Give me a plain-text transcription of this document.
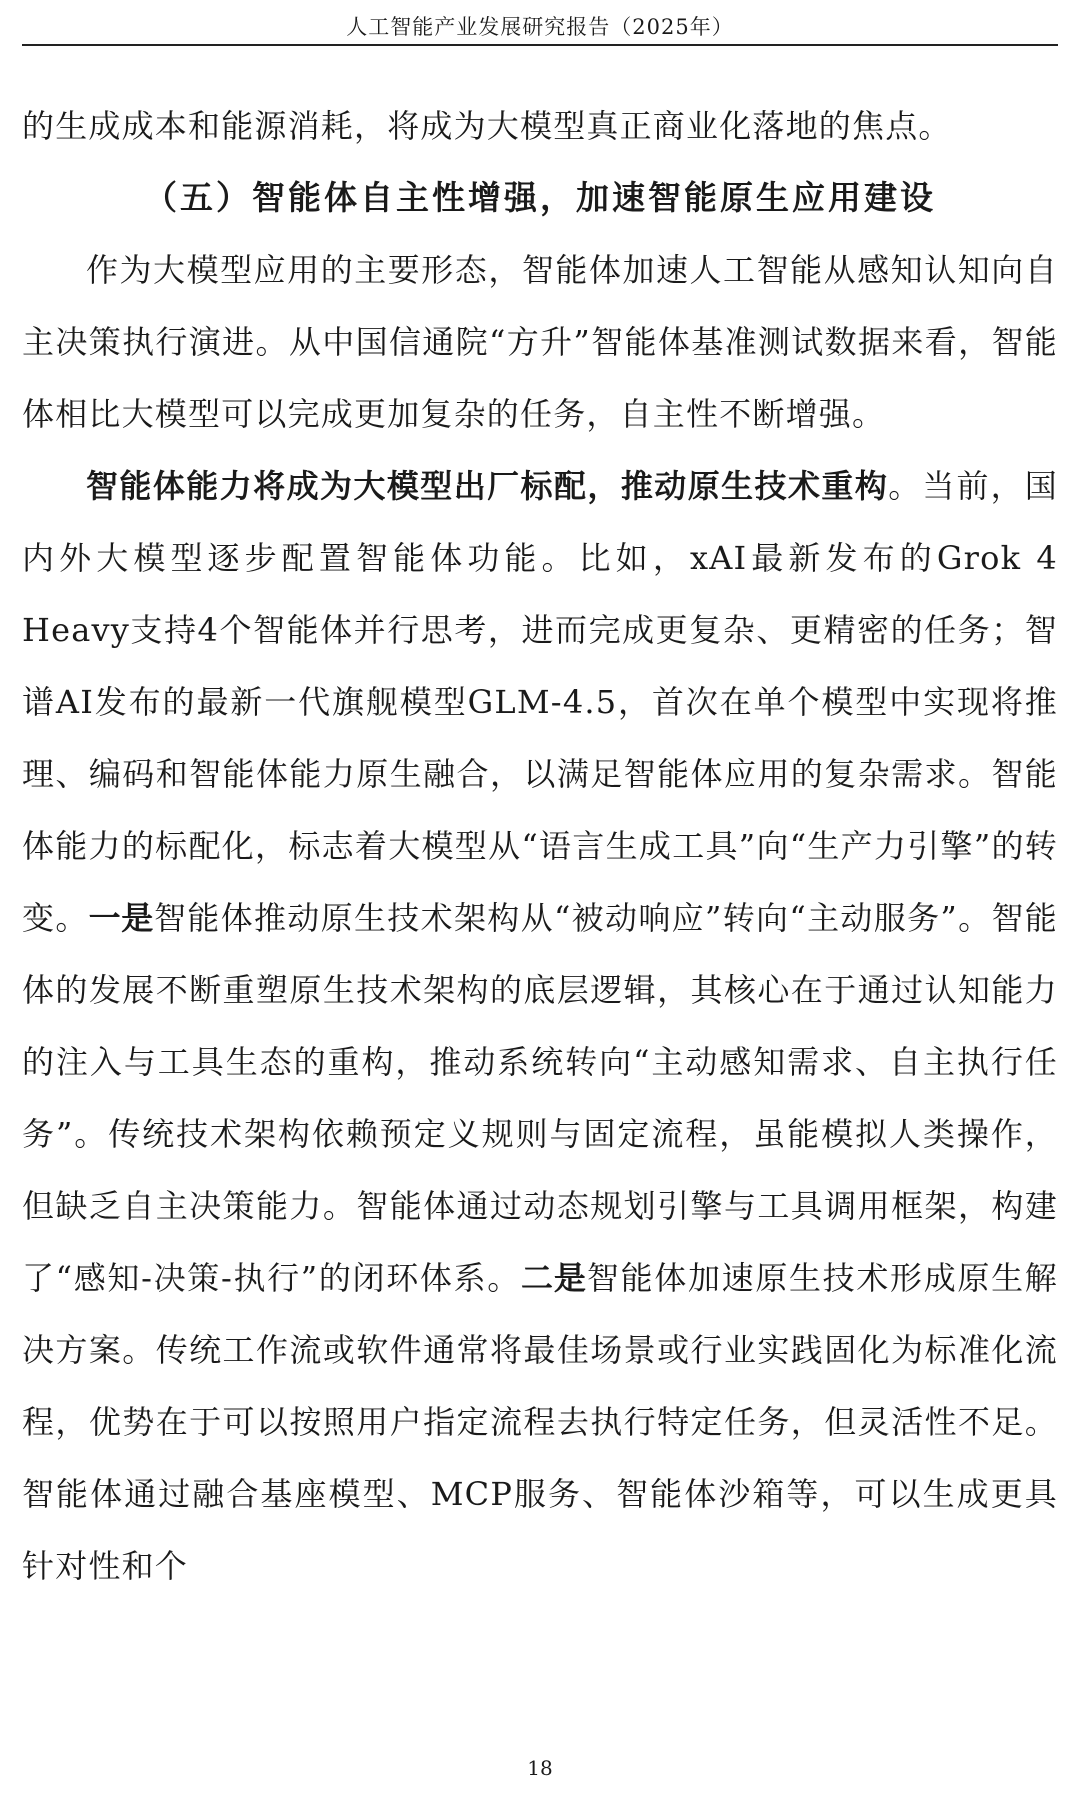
人工智能产业发展研究报告（2025年）

的生成成本和能源消耗，将成为大模型真正商业化落地的焦点。

（五）智能体自主性增强，加速智能原生应用建设

作为大模型应用的主要形态，智能体加速人工智能从感知认知向自主决策执行演进。从中国信通院“方升”智能体基准测试数据来看，智能体相比大模型可以完成更加复杂的任务，自主性不断增强。

智能体能力将成为大模型出厂标配，推动原生技术重构。当前，国内外大模型逐步配置智能体功能。比如，xAI最新发布的Grok 4 Heavy支持4个智能体并行思考，进而完成更复杂、更精密的任务；智谱AI发布的最新一代旗舰模型GLM-4.5，首次在单个模型中实现将推理、编码和智能体能力原生融合，以满足智能体应用的复杂需求。智能体能力的标配化，标志着大模型从“语言生成工具”向“生产力引擎”的转变。一是智能体推动原生技术架构从“被动响应”转向“主动服务”。智能体的发展不断重塑原生技术架构的底层逻辑，其核心在于通过认知能力的注入与工具生态的重构，推动系统转向“主动感知需求、自主执行任务”。传统技术架构依赖预定义规则与固定流程，虽能模拟人类操作，但缺乏自主决策能力。智能体通过动态规划引擎与工具调用框架，构建了“感知-决策-执行”的闭环体系。二是智能体加速原生技术形成原生解决方案。传统工作流或软件通常将最佳场景或行业实践固化为标准化流程，优势在于可以按照用户指定流程去执行特定任务，但灵活性不足。智能体通过融合基座模型、MCP服务、智能体沙箱等，可以生成更具针对性和个

18
